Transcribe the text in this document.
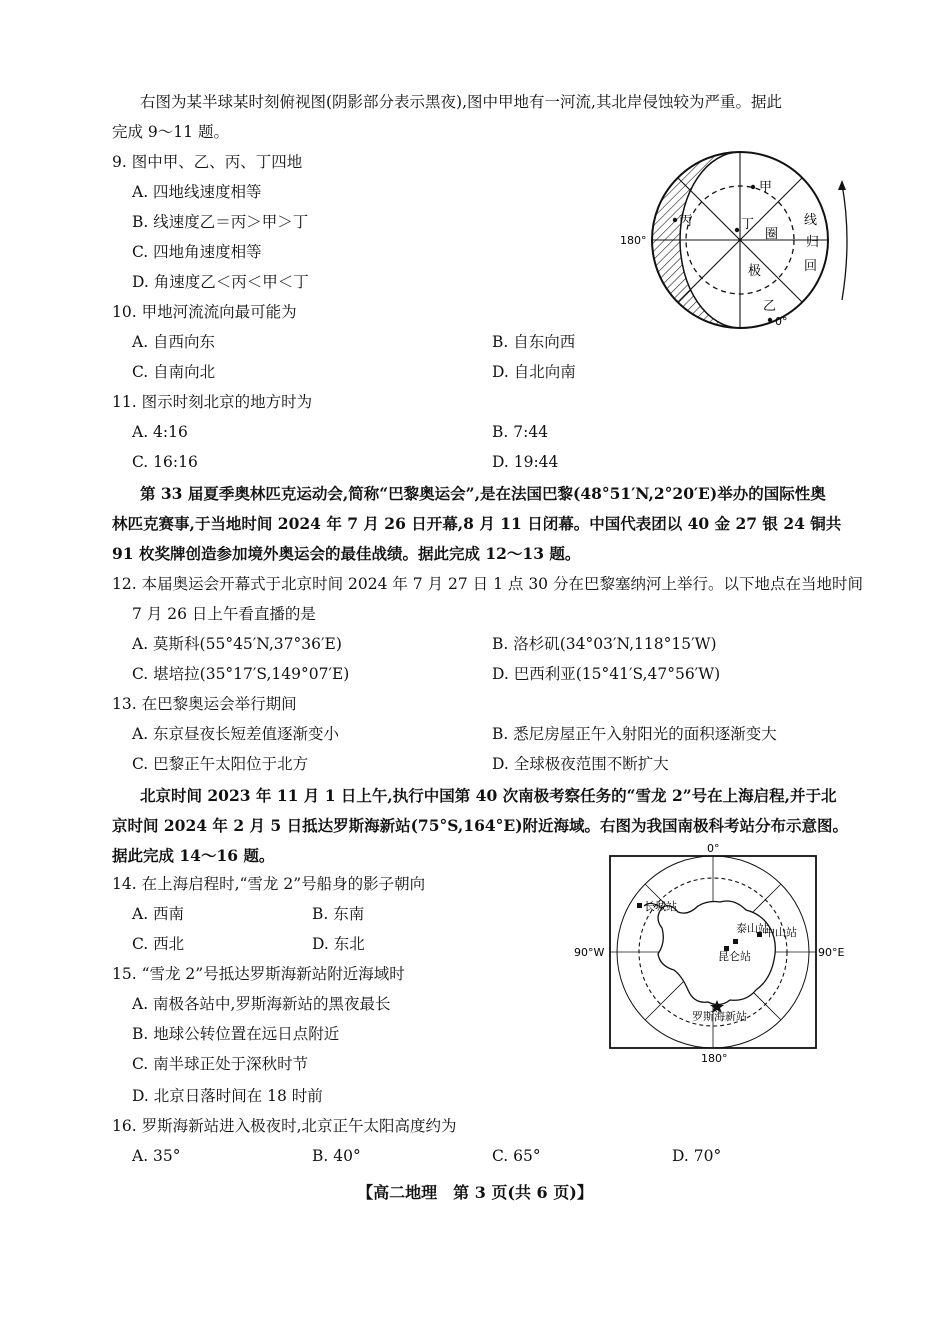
右图为某半球某时刻俯视图(阴影部分表示黑夜),图中甲地有一河流,其北岸侵蚀较为严重。据此
完成 9～11 题。
9. 图中甲、乙、丙、丁四地
A. 四地线速度相等
B. 线速度乙＝丙＞甲＞丁
C. 四地角速度相等
D. 角速度乙＜丙＜甲＜丁
180°
0°
甲
丙	丁
乙
线
归
回
圈
极
10. 甲地河流流向最可能为
A. 自西向东	B. 自东向西
C. 自南向北	D. 自北向南
11. 图示时刻北京的地方时为
A. 4:16	B. 7:44
C. 16:16	D. 19:44
第 33 届夏季奥林匹克运动会,简称“巴黎奥运会”,是在法国巴黎(48°51′N,2°20′E)举办的国际性奥
林匹克赛事,于当地时间 2024 年 7 月 26 日开幕,8 月 11 日闭幕。中国代表团以 40 金 27 银 24 铜共
91 枚奖牌创造参加境外奥运会的最佳战绩。据此完成 12～13 题。
12. 本届奥运会开幕式于北京时间 2024 年 7 月 27 日 1 点 30 分在巴黎塞纳河上举行。以下地点在当地时间
7 月 26 日上午看直播的是
A. 莫斯科(55°45′N,37°36′E)	B. 洛杉矶(34°03′N,118°15′W)
C. 堪培拉(35°17′S,149°07′E)	D. 巴西利亚(15°41′S,47°56′W)
13. 在巴黎奥运会举行期间
A. 东京昼夜长短差值逐渐变小	B. 悉尼房屋正午入射阳光的面积逐渐变大
C. 巴黎正午太阳位于北方	D. 全球极夜范围不断扩大
北京时间 2023 年 11 月 1 日上午,执行中国第 40 次南极考察任务的“雪龙 2”号在上海启程,并于北
京时间 2024 年 2 月 5 日抵达罗斯海新站(75°S,164°E)附近海域。右图为我国南极科考站分布示意图。
据此完成 14～16 题。
14. 在上海启程时,“雪龙 2”号船身的影子朝向
A. 西南	B. 东南
C. 西北	D. 东北
15. “雪龙 2”号抵达罗斯海新站附近海域时
A. 南极各站中,罗斯海新站的黑夜最长
B. 地球公转位置在远日点附近
C. 南半球正处于深秋时节
D. 北京日落时间在 18 时前
0°
180°
90°W	90°E
长城站
泰山站
中山站
昆仑站
罗斯海新站
16. 罗斯海新站进入极夜时,北京正午太阳高度约为
A. 35°	B. 40°	C. 65°	D. 70°
【高二地理　第 3 页(共 6 页)】
